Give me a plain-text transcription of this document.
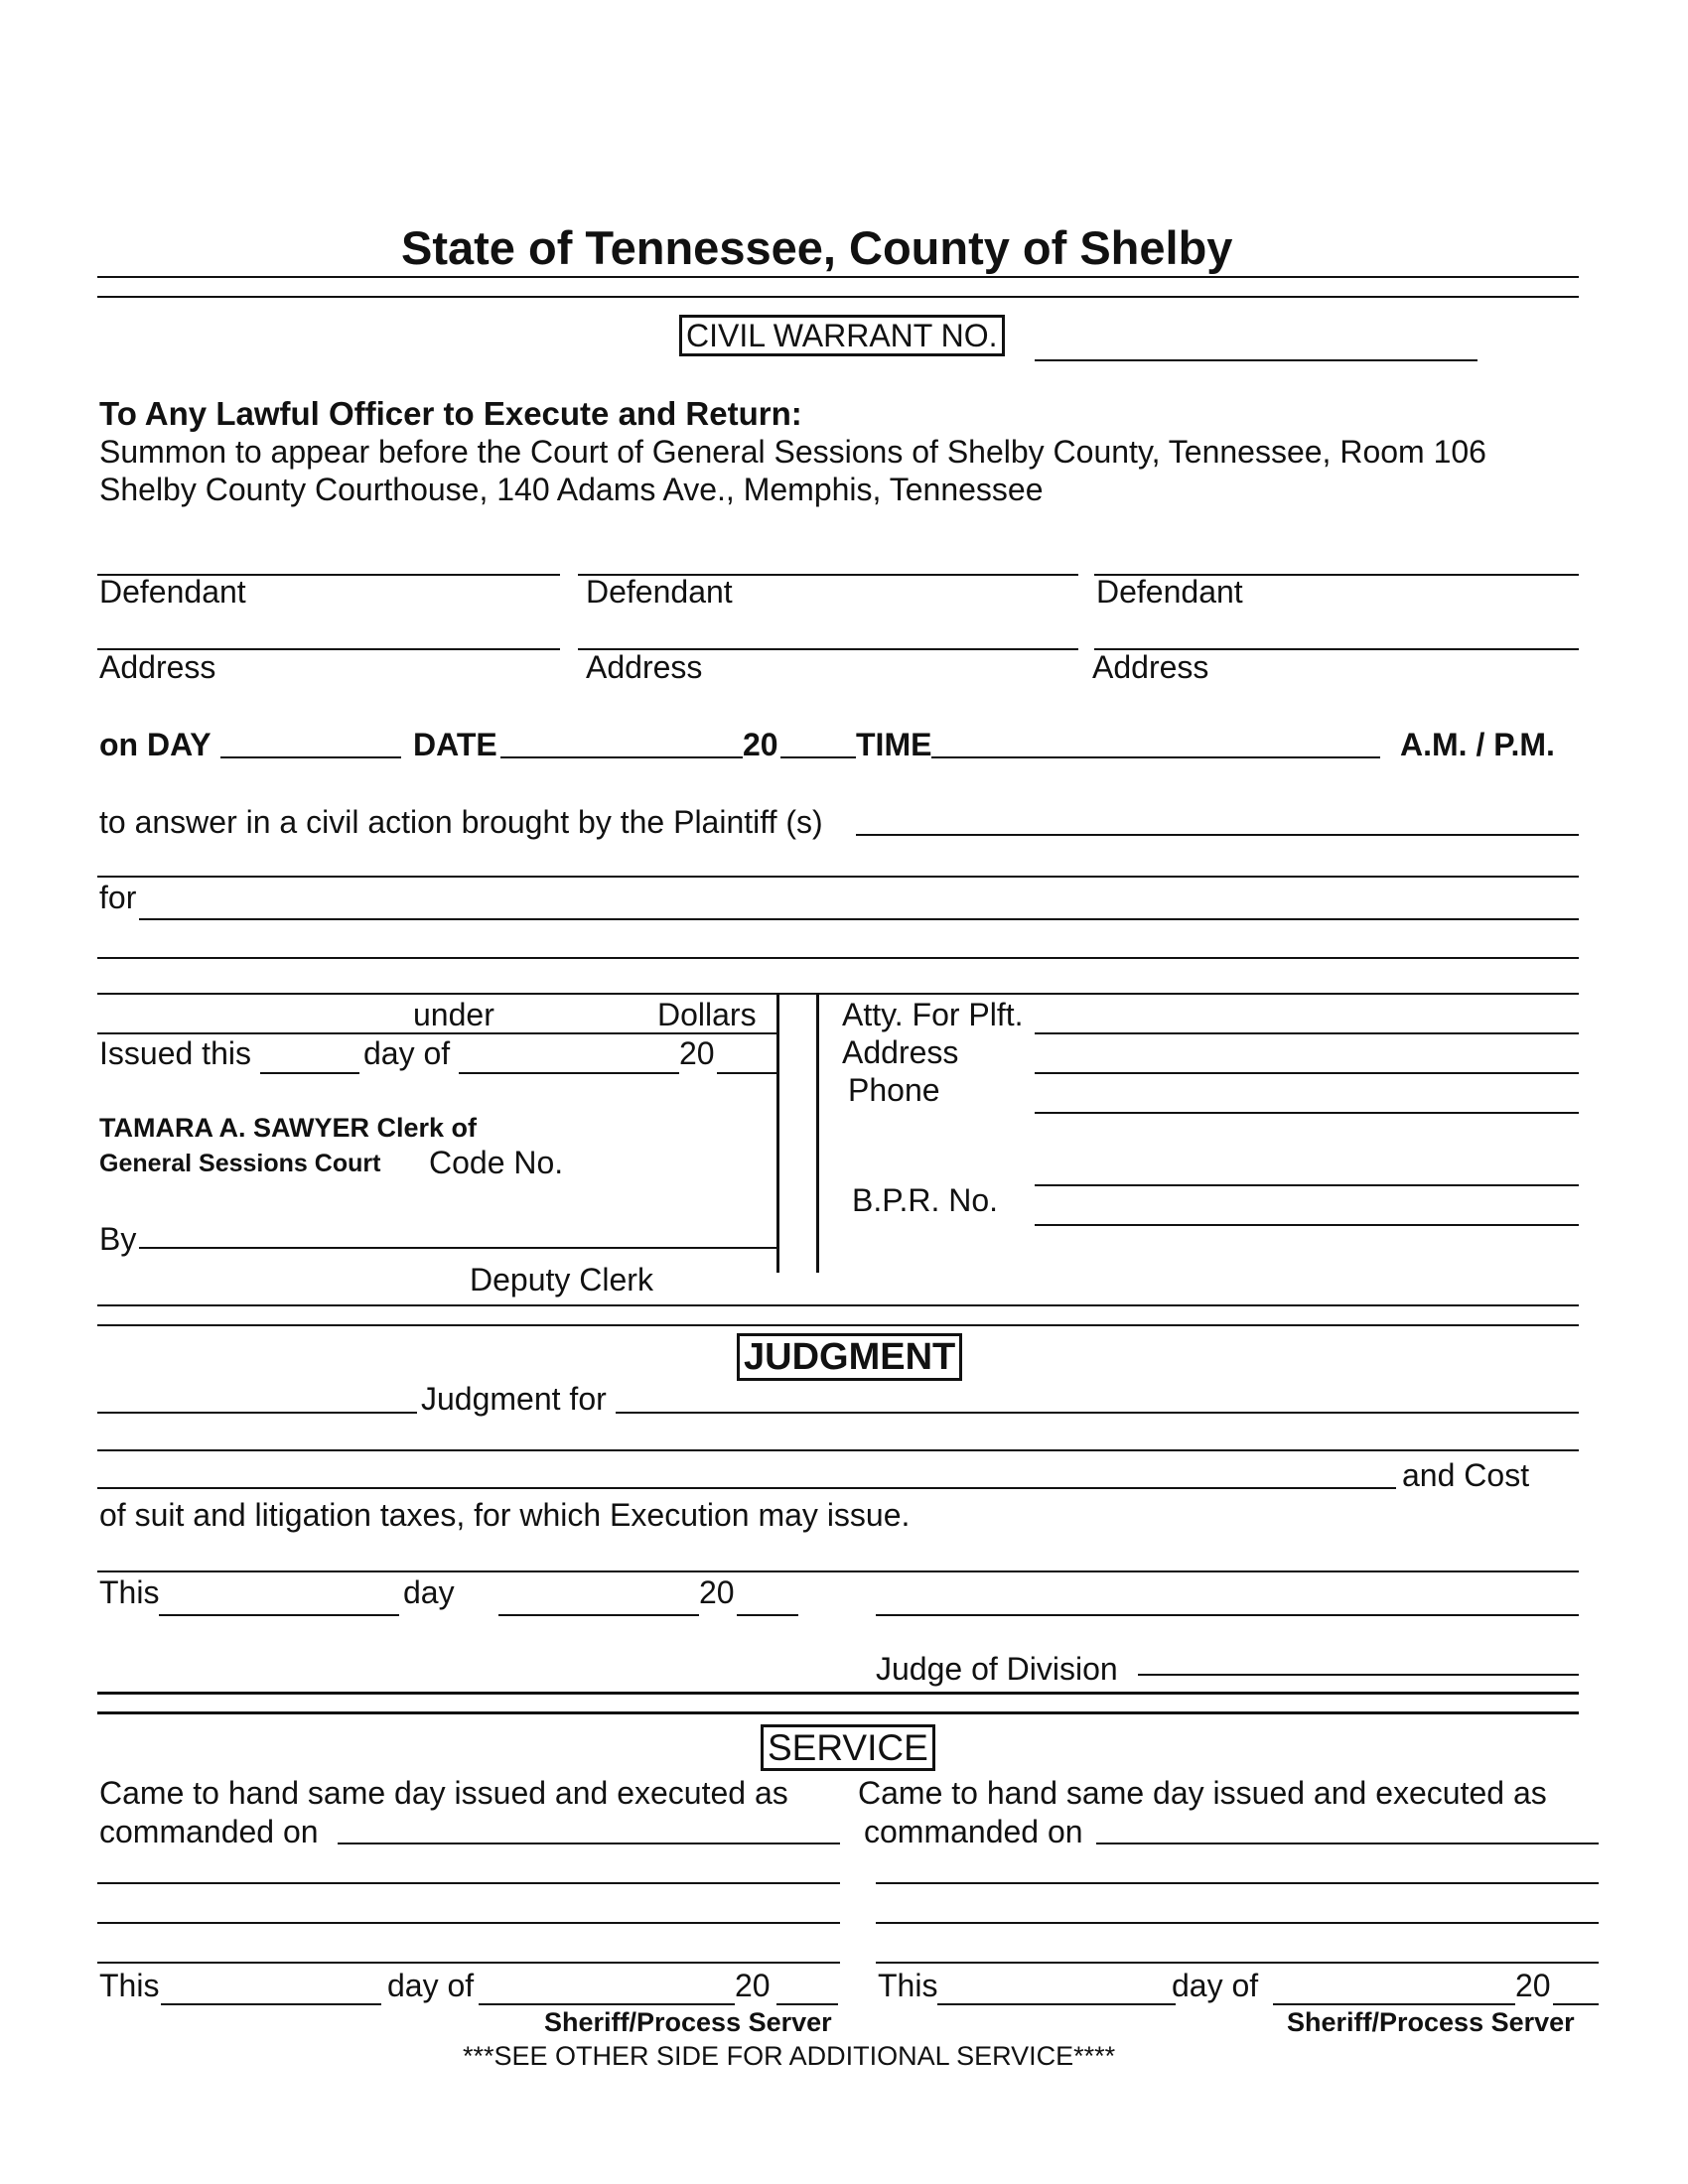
State of Tennessee, County of Shelby
CIVIL WARRANT NO.
To Any Lawful Officer to Execute and Return:
Summon to appear before the Court of General Sessions of Shelby County, Tennessee, Room 106
Shelby County Courthouse, 140 Adams Ave., Memphis, Tennessee
Defendant	Defendant	Defendant
Address	Address	Address
on DAY	DATE	20 TIME	A.M. / P.M.
to answer in a civil action brought by the Plaintiff (s)
for
under	Dollars
Issued this	day of	20
TAMARA A. SAWYER Clerk of
General Sessions Court Code No.
By
Deputy Clerk
Atty. For Plft.
Address
Phone
B.P.R. No.
JUDGMENT
Judgment for
and Cost
of suit and litigation taxes, for which Execution may issue.
This	day	20
Judge of Division
SERVICE
Came to hand same day issued and executed as
commanded on
This	day of	20
Sheriff/Process Server
Came to hand same day issued and executed as
commanded on
This	day of	20
Sheriff/Process Server
***SEE OTHER SIDE FOR ADDITIONAL SERVICE****
